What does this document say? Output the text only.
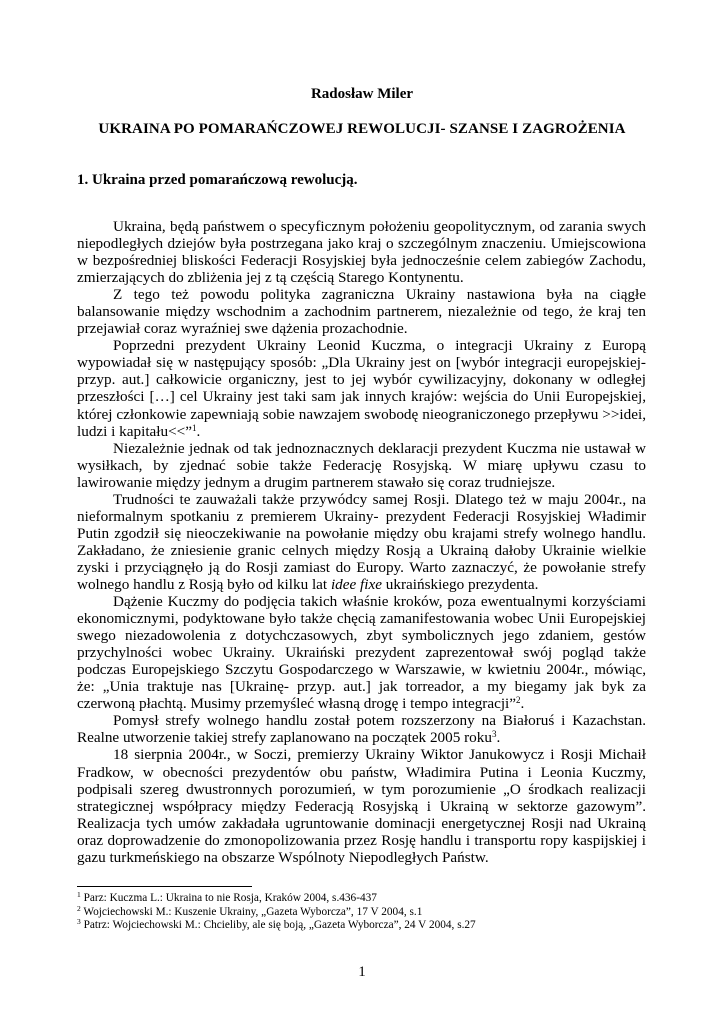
Radosław Miler
UKRAINA PO POMARAŃCZOWEJ REWOLUCJI- SZANSE I ZAGROŻENIA
1. Ukraina przed pomarańczową rewolucją.

Ukraina, będą państwem o specyficznym położeniu geopolitycznym, od zarania swych niepodległych dziejów była postrzegana jako kraj o szczególnym znaczeniu. Umiejscowiona w bezpośredniej bliskości Federacji Rosyjskiej była jednocześnie celem zabiegów Zachodu, zmierzających do zbliżenia jej z tą częścią Starego Kontynentu.

Z tego też powodu polityka zagraniczna Ukrainy nastawiona była na ciągłe balansowanie między wschodnim a zachodnim partnerem, niezależnie od tego, że kraj ten przejawiał coraz wyraźniej swe dążenia prozachodnie.

Poprzedni prezydent Ukrainy Leonid Kuczma, o integracji Ukrainy z Europą wypowiadał się w następujący sposób: „Dla Ukrainy jest on [wybór integracji europejskiej- przyp. aut.] całkowicie organiczny, jest to jej wybór cywilizacyjny, dokonany w odległej przeszłości […] cel Ukrainy jest taki sam jak innych krajów: wejścia do Unii Europejskiej, której członkowie zapewniają sobie nawzajem swobodę nieograniczonego przepływu >>idei, ludzi i kapitału<<”$^1$.

Niezależnie jednak od tak jednoznacznych deklaracji prezydent Kuczma nie ustawał w wysiłkach, by zjednać sobie także Federację Rosyjską. W miarę upływu czasu to lawirowanie między jednym a drugim partnerem stawało się coraz trudniejsze.

Trudności te zauważali także przywódcy samej Rosji. Dlatego też w maju 2004r., na nieformalnym spotkaniu z premierem Ukrainy- prezydent Federacji Rosyjskiej Władimir Putin zgodził się nieoczekiwanie na powołanie między obu krajami strefy wolnego handlu. Zakładano, że zniesienie granic celnych między Rosją a Ukrainą dałoby Ukrainie wielkie zyski i przyciągnęło ją do Rosji zamiast do Europy. Warto zaznaczyć, że powołanie strefy wolnego handlu z Rosją było od kilku lat idee fixe ukraińskiego prezydenta.

Dążenie Kuczmy do podjęcia takich właśnie kroków, poza ewentualnymi korzyściami ekonomicznymi, podyktowane było także chęcią zamanifestowania wobec Unii Europejskiej swego niezadowolenia z dotychczasowych, zbyt symbolicznych jego zdaniem, gestów przychylności wobec Ukrainy. Ukraiński prezydent zaprezentował swój pogląd także podczas Europejskiego Szczytu Gospodarczego w Warszawie, w kwietniu 2004r., mówiąc, że: „Unia traktuje nas [Ukrainę- przyp. aut.] jak torreador, a my biegamy jak byk za czerwoną płachtą. Musimy przemyśleć własną drogę i tempo integracji”$^2$.

Pomysł strefy wolnego handlu został potem rozszerzony na Białoruś i Kazachstan. Realne utworzenie takiej strefy zaplanowano na początek 2005 roku$^3$.

18 sierpnia 2004r., w Soczi, premierzy Ukrainy Wiktor Janukowycz i Rosji Michaił Fradkow, w obecności prezydentów obu państw, Władimira Putina i Leonia Kuczmy, podpisali szereg dwustronnych porozumień, w tym porozumienie „O środkach realizacji strategicznej współpracy między Federacją Rosyjską i Ukrainą w sektorze gazowym”. Realizacja tych umów zakładała ugruntowanie dominacji energetycznej Rosji nad Ukrainą oraz doprowadzenie do zmonopolizowania przez Rosję handlu i transportu ropy kaspijskiej i gazu turkmeńskiego na obszarze Wspólnoty Niepodległych Państw.

$^1$ Parz: Kuczma L.: Ukraina to nie Rosja, Kraków 2004, s.436-437
$^2$ Wojciechowski M.: Kuszenie Ukrainy, „Gazeta Wyborcza”, 17 V 2004, s.1
$^3$ Patrz: Wojciechowski M.: Chcieliby, ale się boją, „Gazeta Wyborcza”, 24 V 2004, s.27
1
